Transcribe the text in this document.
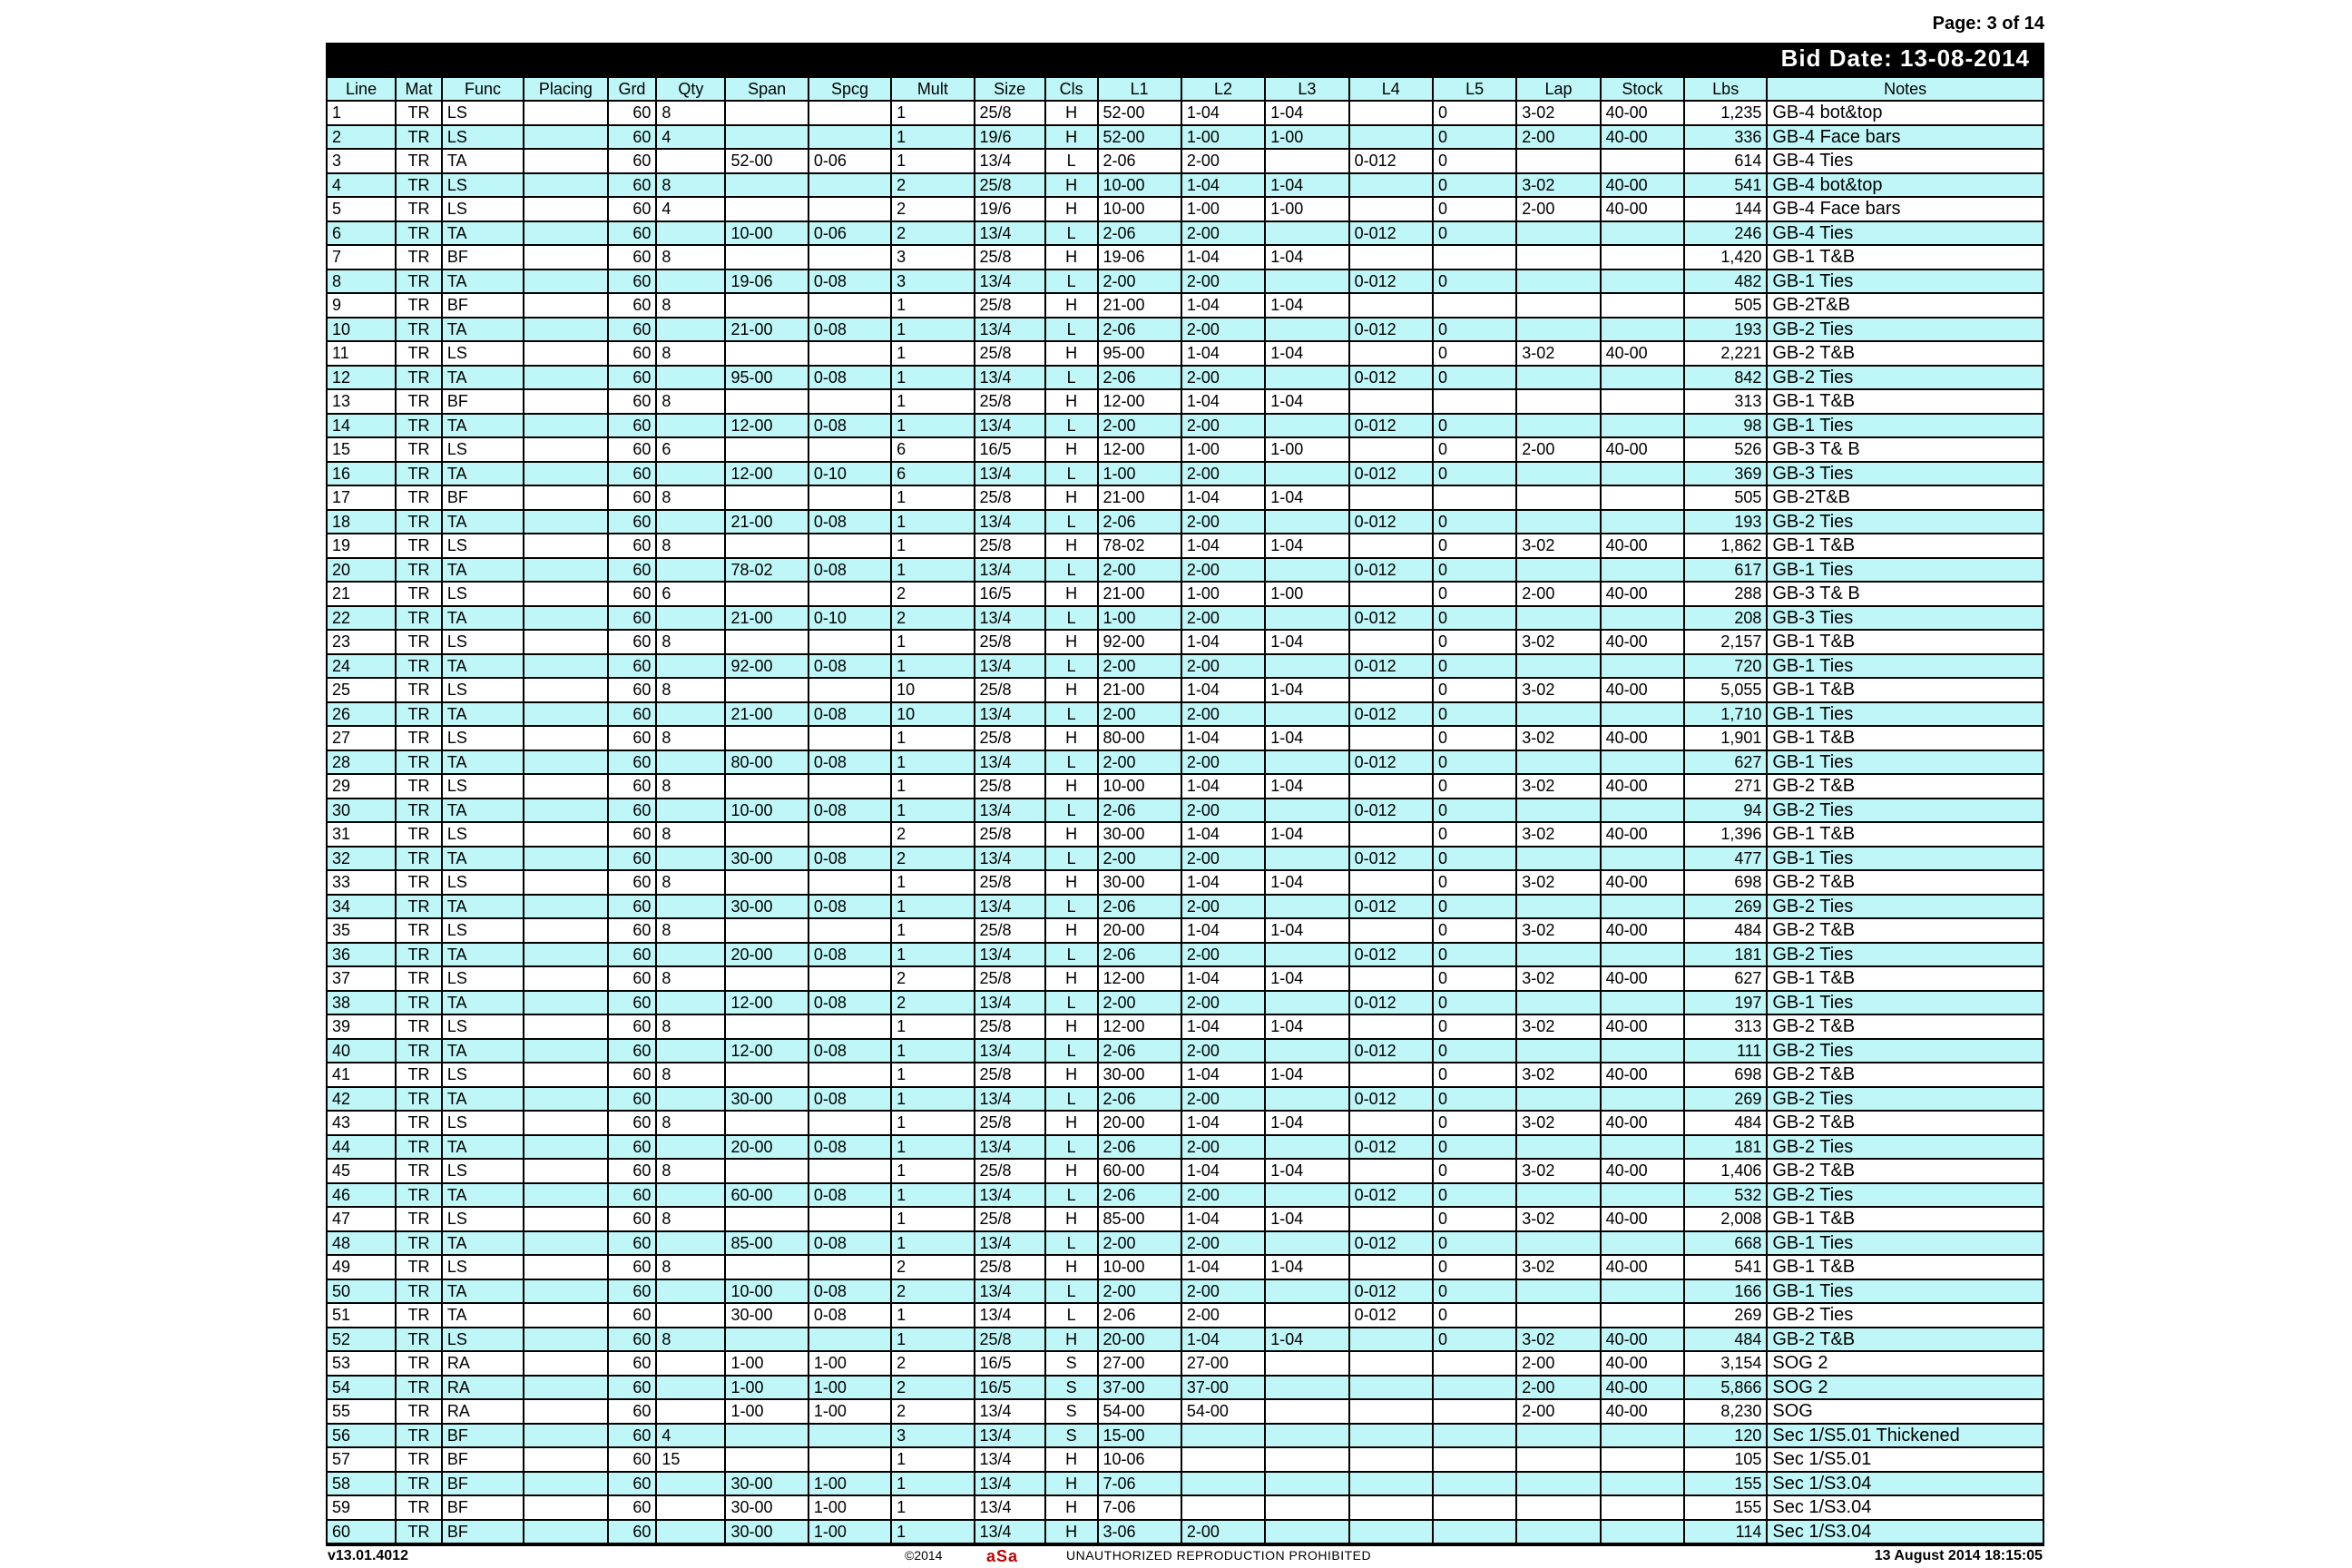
Page: 3 of 14
Bid Date: 13-08-2014
Line	Mat	Func	Placing	Grd	Qty	Span	Spcg	Mult	Size	Cls	L1	L2	L3	L4	L5	Lap	Stock	Lbs	Notes
1	TR	LS		60	8			1	25/8	H	52-00	1-04	1-04		0	3-02	40-00	1,235	GB-4 bot&top
2	TR	LS		60	4			1	19/6	H	52-00	1-00	1-00		0	2-00	40-00	336	GB-4 Face bars
3	TR	TA		60		52-00	0-06	1	13/4	L	2-06	2-00		0-012	0			614	GB-4 Ties
4	TR	LS		60	8			2	25/8	H	10-00	1-04	1-04		0	3-02	40-00	541	GB-4 bot&top
5	TR	LS		60	4			2	19/6	H	10-00	1-00	1-00		0	2-00	40-00	144	GB-4 Face bars
6	TR	TA		60		10-00	0-06	2	13/4	L	2-06	2-00		0-012	0			246	GB-4 Ties
7	TR	BF		60	8			3	25/8	H	19-06	1-04	1-04					1,420	GB-1 T&B
8	TR	TA		60		19-06	0-08	3	13/4	L	2-00	2-00		0-012	0			482	GB-1 Ties
9	TR	BF		60	8			1	25/8	H	21-00	1-04	1-04					505	GB-2T&B
10	TR	TA		60		21-00	0-08	1	13/4	L	2-06	2-00		0-012	0			193	GB-2 Ties
11	TR	LS		60	8			1	25/8	H	95-00	1-04	1-04		0	3-02	40-00	2,221	GB-2 T&B
12	TR	TA		60		95-00	0-08	1	13/4	L	2-06	2-00		0-012	0			842	GB-2 Ties
13	TR	BF		60	8			1	25/8	H	12-00	1-04	1-04					313	GB-1 T&B
14	TR	TA		60		12-00	0-08	1	13/4	L	2-00	2-00		0-012	0			98	GB-1 Ties
15	TR	LS		60	6			6	16/5	H	12-00	1-00	1-00		0	2-00	40-00	526	GB-3 T& B
16	TR	TA		60		12-00	0-10	6	13/4	L	1-00	2-00		0-012	0			369	GB-3 Ties
17	TR	BF		60	8			1	25/8	H	21-00	1-04	1-04					505	GB-2T&B
18	TR	TA		60		21-00	0-08	1	13/4	L	2-06	2-00		0-012	0			193	GB-2 Ties
19	TR	LS		60	8			1	25/8	H	78-02	1-04	1-04		0	3-02	40-00	1,862	GB-1 T&B
20	TR	TA		60		78-02	0-08	1	13/4	L	2-00	2-00		0-012	0			617	GB-1 Ties
21	TR	LS		60	6			2	16/5	H	21-00	1-00	1-00		0	2-00	40-00	288	GB-3 T& B
22	TR	TA		60		21-00	0-10	2	13/4	L	1-00	2-00		0-012	0			208	GB-3 Ties
23	TR	LS		60	8			1	25/8	H	92-00	1-04	1-04		0	3-02	40-00	2,157	GB-1 T&B
24	TR	TA		60		92-00	0-08	1	13/4	L	2-00	2-00		0-012	0			720	GB-1 Ties
25	TR	LS		60	8			10	25/8	H	21-00	1-04	1-04		0	3-02	40-00	5,055	GB-1 T&B
26	TR	TA		60		21-00	0-08	10	13/4	L	2-00	2-00		0-012	0			1,710	GB-1 Ties
27	TR	LS		60	8			1	25/8	H	80-00	1-04	1-04		0	3-02	40-00	1,901	GB-1 T&B
28	TR	TA		60		80-00	0-08	1	13/4	L	2-00	2-00		0-012	0			627	GB-1 Ties
29	TR	LS		60	8			1	25/8	H	10-00	1-04	1-04		0	3-02	40-00	271	GB-2 T&B
30	TR	TA		60		10-00	0-08	1	13/4	L	2-06	2-00		0-012	0			94	GB-2 Ties
31	TR	LS		60	8			2	25/8	H	30-00	1-04	1-04		0	3-02	40-00	1,396	GB-1 T&B
32	TR	TA		60		30-00	0-08	2	13/4	L	2-00	2-00		0-012	0			477	GB-1 Ties
33	TR	LS		60	8			1	25/8	H	30-00	1-04	1-04		0	3-02	40-00	698	GB-2 T&B
34	TR	TA		60		30-00	0-08	1	13/4	L	2-06	2-00		0-012	0			269	GB-2 Ties
35	TR	LS		60	8			1	25/8	H	20-00	1-04	1-04		0	3-02	40-00	484	GB-2 T&B
36	TR	TA		60		20-00	0-08	1	13/4	L	2-06	2-00		0-012	0			181	GB-2 Ties
37	TR	LS		60	8			2	25/8	H	12-00	1-04	1-04		0	3-02	40-00	627	GB-1 T&B
38	TR	TA		60		12-00	0-08	2	13/4	L	2-00	2-00		0-012	0			197	GB-1 Ties
39	TR	LS		60	8			1	25/8	H	12-00	1-04	1-04		0	3-02	40-00	313	GB-2 T&B
40	TR	TA		60		12-00	0-08	1	13/4	L	2-06	2-00		0-012	0			111	GB-2 Ties
41	TR	LS		60	8			1	25/8	H	30-00	1-04	1-04		0	3-02	40-00	698	GB-2 T&B
42	TR	TA		60		30-00	0-08	1	13/4	L	2-06	2-00		0-012	0			269	GB-2 Ties
43	TR	LS		60	8			1	25/8	H	20-00	1-04	1-04		0	3-02	40-00	484	GB-2 T&B
44	TR	TA		60		20-00	0-08	1	13/4	L	2-06	2-00		0-012	0			181	GB-2 Ties
45	TR	LS		60	8			1	25/8	H	60-00	1-04	1-04		0	3-02	40-00	1,406	GB-2 T&B
46	TR	TA		60		60-00	0-08	1	13/4	L	2-06	2-00		0-012	0			532	GB-2 Ties
47	TR	LS		60	8			1	25/8	H	85-00	1-04	1-04		0	3-02	40-00	2,008	GB-1 T&B
48	TR	TA		60		85-00	0-08	1	13/4	L	2-00	2-00		0-012	0			668	GB-1 Ties
49	TR	LS		60	8			2	25/8	H	10-00	1-04	1-04		0	3-02	40-00	541	GB-1 T&B
50	TR	TA		60		10-00	0-08	2	13/4	L	2-00	2-00		0-012	0			166	GB-1 Ties
51	TR	TA		60		30-00	0-08	1	13/4	L	2-06	2-00		0-012	0			269	GB-2 Ties
52	TR	LS		60	8			1	25/8	H	20-00	1-04	1-04		0	3-02	40-00	484	GB-2 T&B
53	TR	RA		60		1-00	1-00	2	16/5	S	27-00	27-00				2-00	40-00	3,154	SOG 2
54	TR	RA		60		1-00	1-00	2	16/5	S	37-00	37-00				2-00	40-00	5,866	SOG 2
55	TR	RA		60		1-00	1-00	2	13/4	S	54-00	54-00				2-00	40-00	8,230	SOG
56	TR	BF		60	4			3	13/4	S	15-00							120	Sec 1/S5.01 Thickened
57	TR	BF		60	15			1	13/4	H	10-06							105	Sec 1/S5.01
58	TR	BF		60		30-00	1-00	1	13/4	H	7-06							155	Sec 1/S3.04
59	TR	BF		60		30-00	1-00	1	13/4	H	7-06							155	Sec 1/S3.04
60	TR	BF		60		30-00	1-00	1	13/4	H	3-06	2-00						114	Sec 1/S3.04
v13.01.4012	©2014	aSa	UNAUTHORIZED REPRODUCTION PROHIBITED	13 August 2014 18:15:05
